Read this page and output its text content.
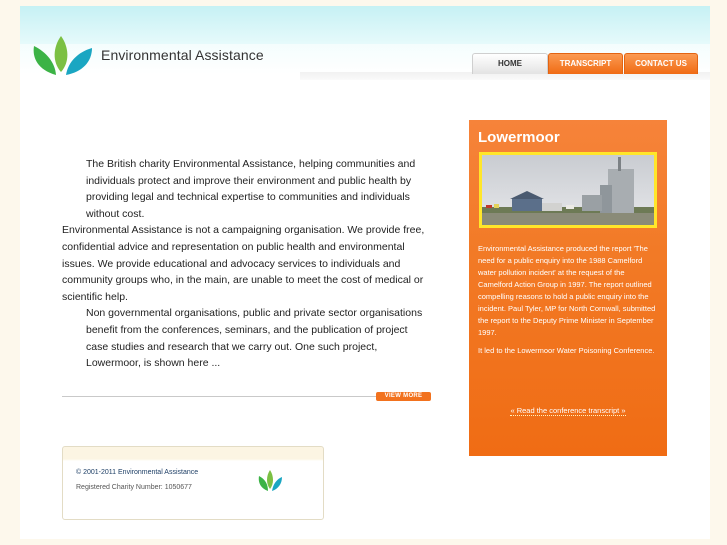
Environmental Assistance
HOME	TRANSCRIPT	CONTACT US

The British charity Environmental Assistance, helping communities and individuals protect and improve their environment and public health by providing legal and technical expertise to communities and individuals without cost.

Environmental Assistance is not a campaigning organisation. We provide free, confidential advice and representation on public health and environmental issues. We provide educational and advocacy services to individuals and community groups who, in the main, are unable to meet the cost of medical or scientific help.

Non governmental organisations, public and private sector organisations benefit from the conferences, seminars, and the publication of project case studies and research that we carry out. One such project, Lowermoor, is shown here ...

VIEW MORE
© 2001-2011 Environmental Assistance
Registered Charity Number: 1050677
Lowermoor

Environmental Assistance produced the report 'The need for a public enquiry into the 1988 Camelford water pollution incident' at the request of the Camelford Action Group in 1997. The report outlined compelling reasons to hold a public enquiry into the incident. Paul Tyler, MP for North Cornwall, submitted the report to the Deputy Prime Minister in September 1997.

It led to the Lowermoor Water Poisoning Conference.

« Read the conference transcript »
